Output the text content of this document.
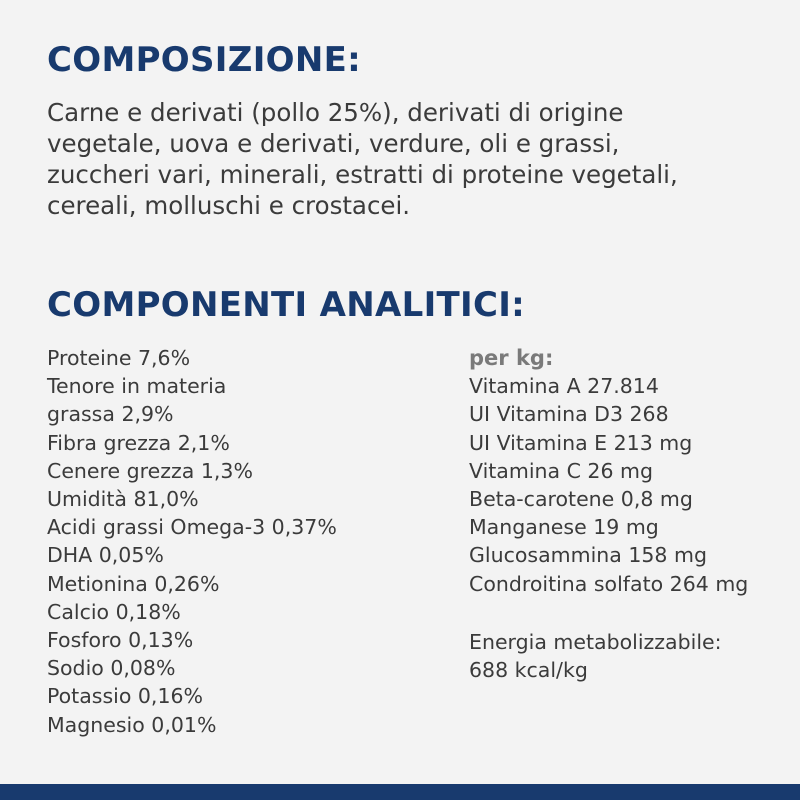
COMPOSIZIONE:

Carne e derivati (pollo 25%), derivati di origine
vegetale, uova e derivati, verdure, oli e grassi,
zuccheri vari, minerali, estratti di proteine vegetali,
cereali, molluschi e crostacei.

COMPONENTI ANALITICI:
Proteine 7,6%
Tenore in materia
grassa 2,9%
Fibra grezza 2,1%
Cenere grezza 1,3%
Umidità 81,0%
Acidi grassi Omega-3 0,37%
DHA 0,05%
Metionina 0,26%
Calcio 0,18%
Fosforo 0,13%
Sodio 0,08%
Potassio 0,16%
Magnesio 0,01%
per kg:
Vitamina A 27.814
UI Vitamina D3 268
UI Vitamina E 213 mg
Vitamina C 26 mg
Beta-carotene 0,8 mg
Manganese 19 mg
Glucosammina 158 mg
Condroitina solfato 264 mg

Energia metabolizzabile:
688 kcal/kg
